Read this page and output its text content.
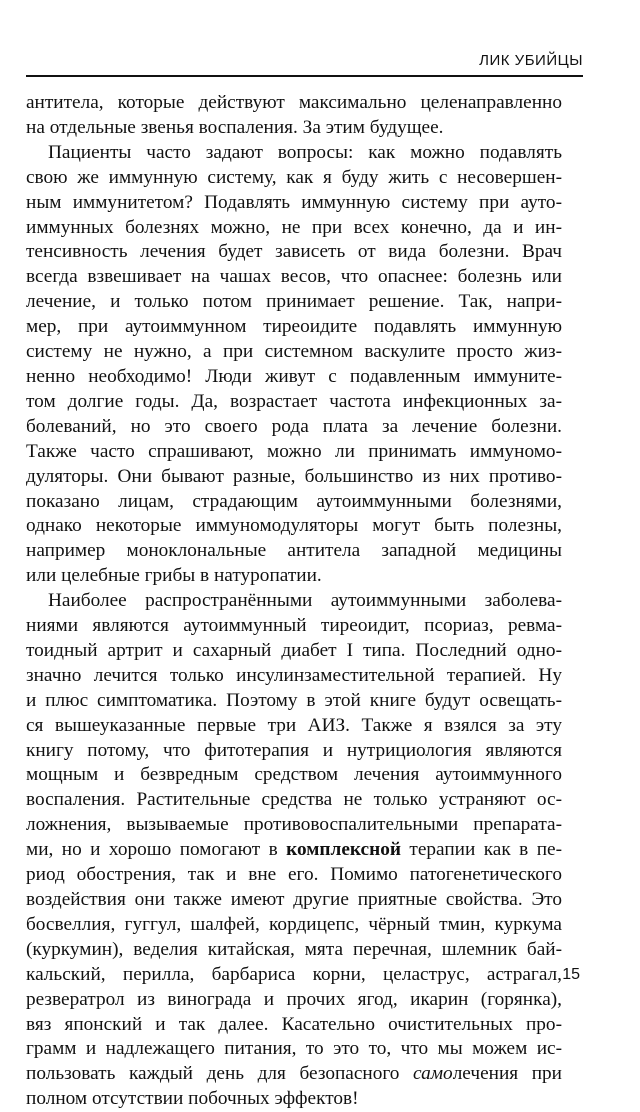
ЛИК УБИЙЦЫ
антитела, которые действуют максимально целенаправленно
на отдельные звенья воспаления. За этим будущее.
Пациенты часто задают вопросы: как можно подавлять
свою же иммунную систему, как я буду жить с несовершен-
ным иммунитетом? Подавлять иммунную систему при ауто-
иммунных болезнях можно, не при всех конечно, да и ин-
тенсивность лечения будет зависеть от вида болезни. Врач
всегда взвешивает на чашах весов, что опаснее: болезнь или
лечение, и только потом принимает решение. Так, напри-
мер, при аутоиммунном тиреоидите подавлять иммунную
систему не нужно, а при системном васкулите просто жиз-
ненно необходимо! Люди живут с подавленным иммуните-
том долгие годы. Да, возрастает частота инфекционных за-
болеваний, но это своего рода плата за лечение болезни.
Также часто спрашивают, можно ли принимать иммуномо-
дуляторы. Они бывают разные, большинство из них противо-
показано лицам, страдающим аутоиммунными болезнями,
однако некоторые иммуномодуляторы могут быть полезны,
например моноклональные антитела западной медицины
или целебные грибы в натуропатии.
Наиболее распространёнными аутоиммунными заболева-
ниями являются аутоиммунный тиреоидит, псориаз, ревма-
тоидный артрит и сахарный диабет I типа. Последний одно-
значно лечится только инсулинзаместительной терапией. Ну
и плюс симптоматика. Поэтому в этой книге будут освещать-
ся вышеуказанные первые три АИЗ. Также я взялся за эту
книгу потому, что фитотерапия и нутрициология являются
мощным и безвредным средством лечения аутоиммунного
воспаления. Растительные средства не только устраняют ос-
ложнения, вызываемые противовоспалительными препарата-
ми, но и хорошо помогают в комплексной терапии как в пе-
риод обострения, так и вне его. Помимо патогенетического
воздействия они также имеют другие приятные свойства. Это
босвеллия, гуггул, шалфей, кордицепс, чёрный тмин, куркума
(куркумин), веделия китайская, мята перечная, шлемник бай-
кальский, перилла, барбариса корни, целаструс, астрагал,
резвератрол из винограда и прочих ягод, икарин (горянка),
вяз японский и так далее. Касательно очистительных про-
грамм и надлежащего питания, то это то, что мы можем ис-
пользовать каждый день для безопасного самолечения при
полном отсутствии побочных эффектов!
15
